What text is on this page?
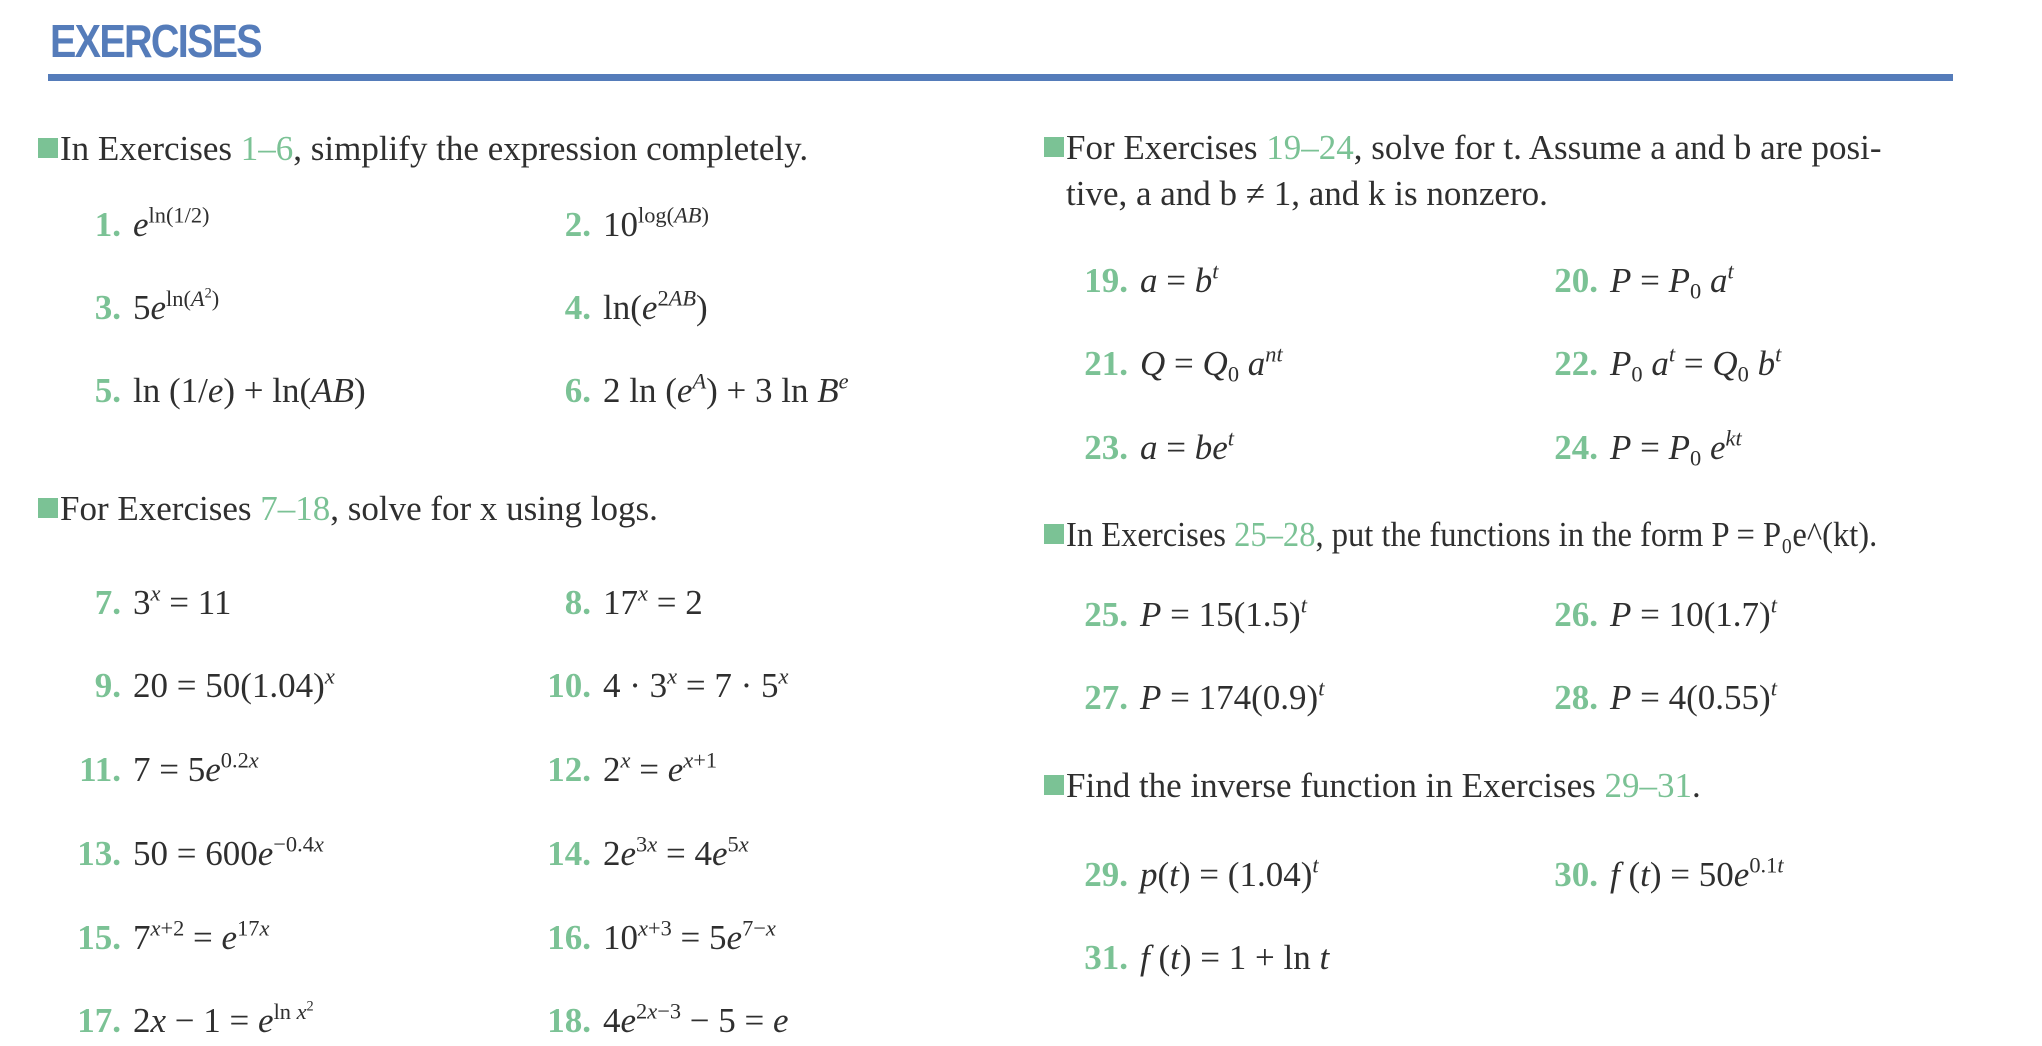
EXERCISES
In Exercises 1–6, simplify the expression completely.
1. $e^{ln(1/2)}$	2. $10^{log(AB)}$
3. $5e^{ln(A^2)}$	4. $\ln(e^{2AB})$
5. ln (1/e) + ln(AB)	6. 2 $\ln (e^A) + 3$ $\ln B^e$
For Exercises 7–18, solve for x using logs.
7. $3^x = 11$	8. $17^x = 2$
9. $20 = 50(1.04)^x$	10. $4 \cdot 3^x = 7 \cdot 5^x$
11. $7 = 5e^{0.2x}$	12. $2^x = e^{x+1}$
13. $50 = 600e^{-0.4x}$	14. $2e^{3x} = 4e^{5x}$
15. $7^{x+2} = e^{17x}$	16. $10^{x+3} = 5e^{7-x}$
17. $2x - 1 = e^{ln x^2}$	18. $4e^{2x-3} - 5 = e$
For Exercises 19–24, solve for t. Assume a and b are posi-
tive, a and b ≠ 1, and k is nonzero.
19. $a = b^t$	20. $P = P_0$ $a^t$
21. $Q = Q_0$ $a^{nt}$	22. $P_0$ $a^t = Q_0$ $b^t$
23. $a = be^t$	24. $P = P_0$ $e^{kt}$
In Exercises 25–28, put the functions in the form P = P₀e^(kt).
25. $P = 15(1.5)^t$	26. $P = 10(1.7)^t$
27. $P = 174(0.9)^t$	28. $P = 4(0.55)^t$
Find the inverse function in Exercises 29–31.
29. $p(t) = (1.04)^t$	30. f $(t) = 50e^{0.1t}$
31. f (t) = 1 + ln t
